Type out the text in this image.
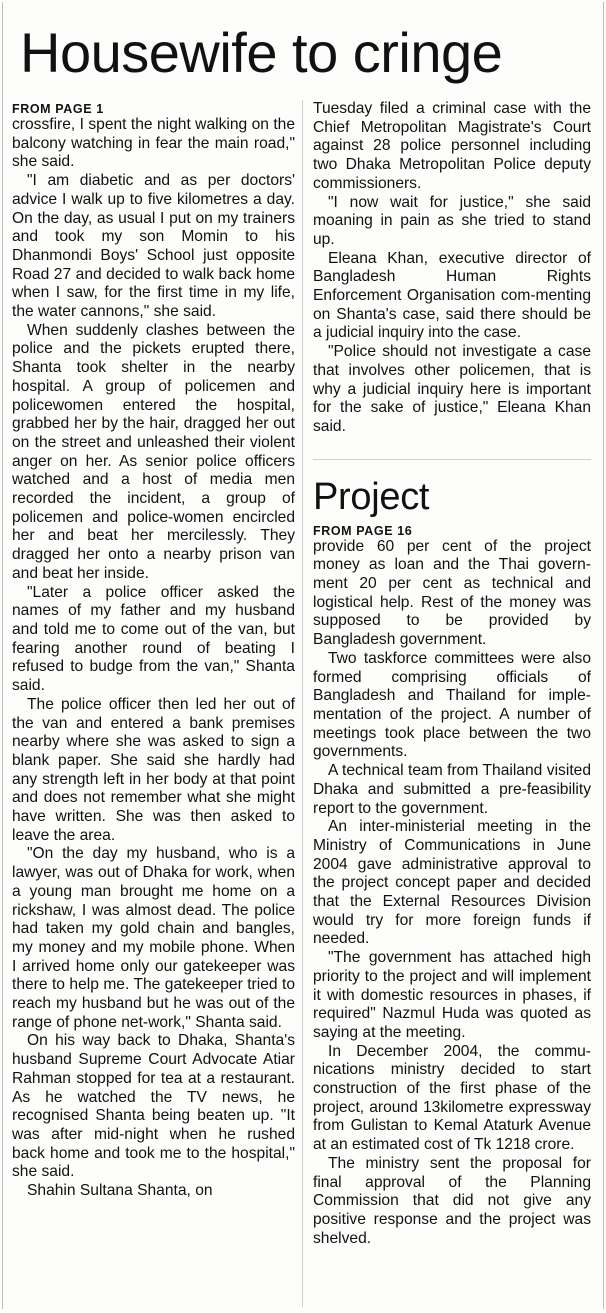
Housewife to cringe
FROM PAGE 1

crossfire, I spent the night walking on the balcony watching in fear the main road," she said.

"I am diabetic and as per doctors' advice I walk up to five kilometres a day. On the day, as usual I put on my trainers and took my son Momin to his Dhanmondi Boys' School just opposite Road 27 and decided to walk back home when I saw, for the first time in my life, the water cannons," she said.

When suddenly clashes between the police and the pickets erupted there, Shanta took shelter in the nearby hospital. A group of policemen and policewomen entered the hospital, grabbed her by the hair, dragged her out on the street and unleashed their violent anger on her. As senior police officers watched and a host of media men recorded the incident, a group of policemen and police-women encircled her and beat her mercilessly. They dragged her onto a nearby prison van and beat her inside.

"Later a police officer asked the names of my father and my husband and told me to come out of the van, but fearing another round of beating I refused to budge from the van," Shanta said.

The police officer then led her out of the van and entered a bank premises nearby where she was asked to sign a blank paper. She said she hardly had any strength left in her body at that point and does not remember what she might have written. She was then asked to leave the area.

"On the day my husband, who is a lawyer, was out of Dhaka for work, when a young man brought me home on a rickshaw, I was almost dead. The police had taken my gold chain and bangles, my money and my mobile phone. When I arrived home only our gatekeeper was there to help me. The gatekeeper tried to reach my husband but he was out of the range of phone net-work," Shanta said.

On his way back to Dhaka, Shanta's husband Supreme Court Advocate Atiar Rahman stopped for tea at a restaurant. As he watched the TV news, he recognised Shanta being beaten up. "It was after mid-night when he rushed back home and took me to the hospital," she said.

Shahin Sultana Shanta, on

Tuesday filed a criminal case with the Chief Metropolitan Magistrate's Court against 28 police personnel including two Dhaka Metropolitan Police deputy commissioners.

"I now wait for justice," she said moaning in pain as she tried to stand up.

Eleana Khan, executive director of Bangladesh Human Rights Enforcement Organisation com-menting on Shanta's case, said there should be a judicial inquiry into the case.

"Police should not investigate a case that involves other policemen, that is why a judicial inquiry here is important for the sake of justice," Eleana Khan said.

Project
FROM PAGE 16

provide 60 per cent of the project money as loan and the Thai govern-ment 20 per cent as technical and logistical help. Rest of the money was supposed to be provided by Bangladesh government.

Two taskforce committees were also formed comprising officials of Bangladesh and Thailand for imple-mentation of the project. A number of meetings took place between the two governments.

A technical team from Thailand visited Dhaka and submitted a pre-feasibility report to the government.

An inter-ministerial meeting in the Ministry of Communications in June 2004 gave administrative approval to the project concept paper and decided that the External Resources Division would try for more foreign funds if needed.

"The government has attached high priority to the project and will implement it with domestic resources in phases, if required" Nazmul Huda was quoted as saying at the meeting.

In December 2004, the commu-nications ministry decided to start construction of the first phase of the project, around 13kilometre expressway from Gulistan to Kemal Ataturk Avenue at an estimated cost of Tk 1218 crore.

The ministry sent the proposal for final approval of the Planning Commission that did not give any positive response and the project was shelved.
